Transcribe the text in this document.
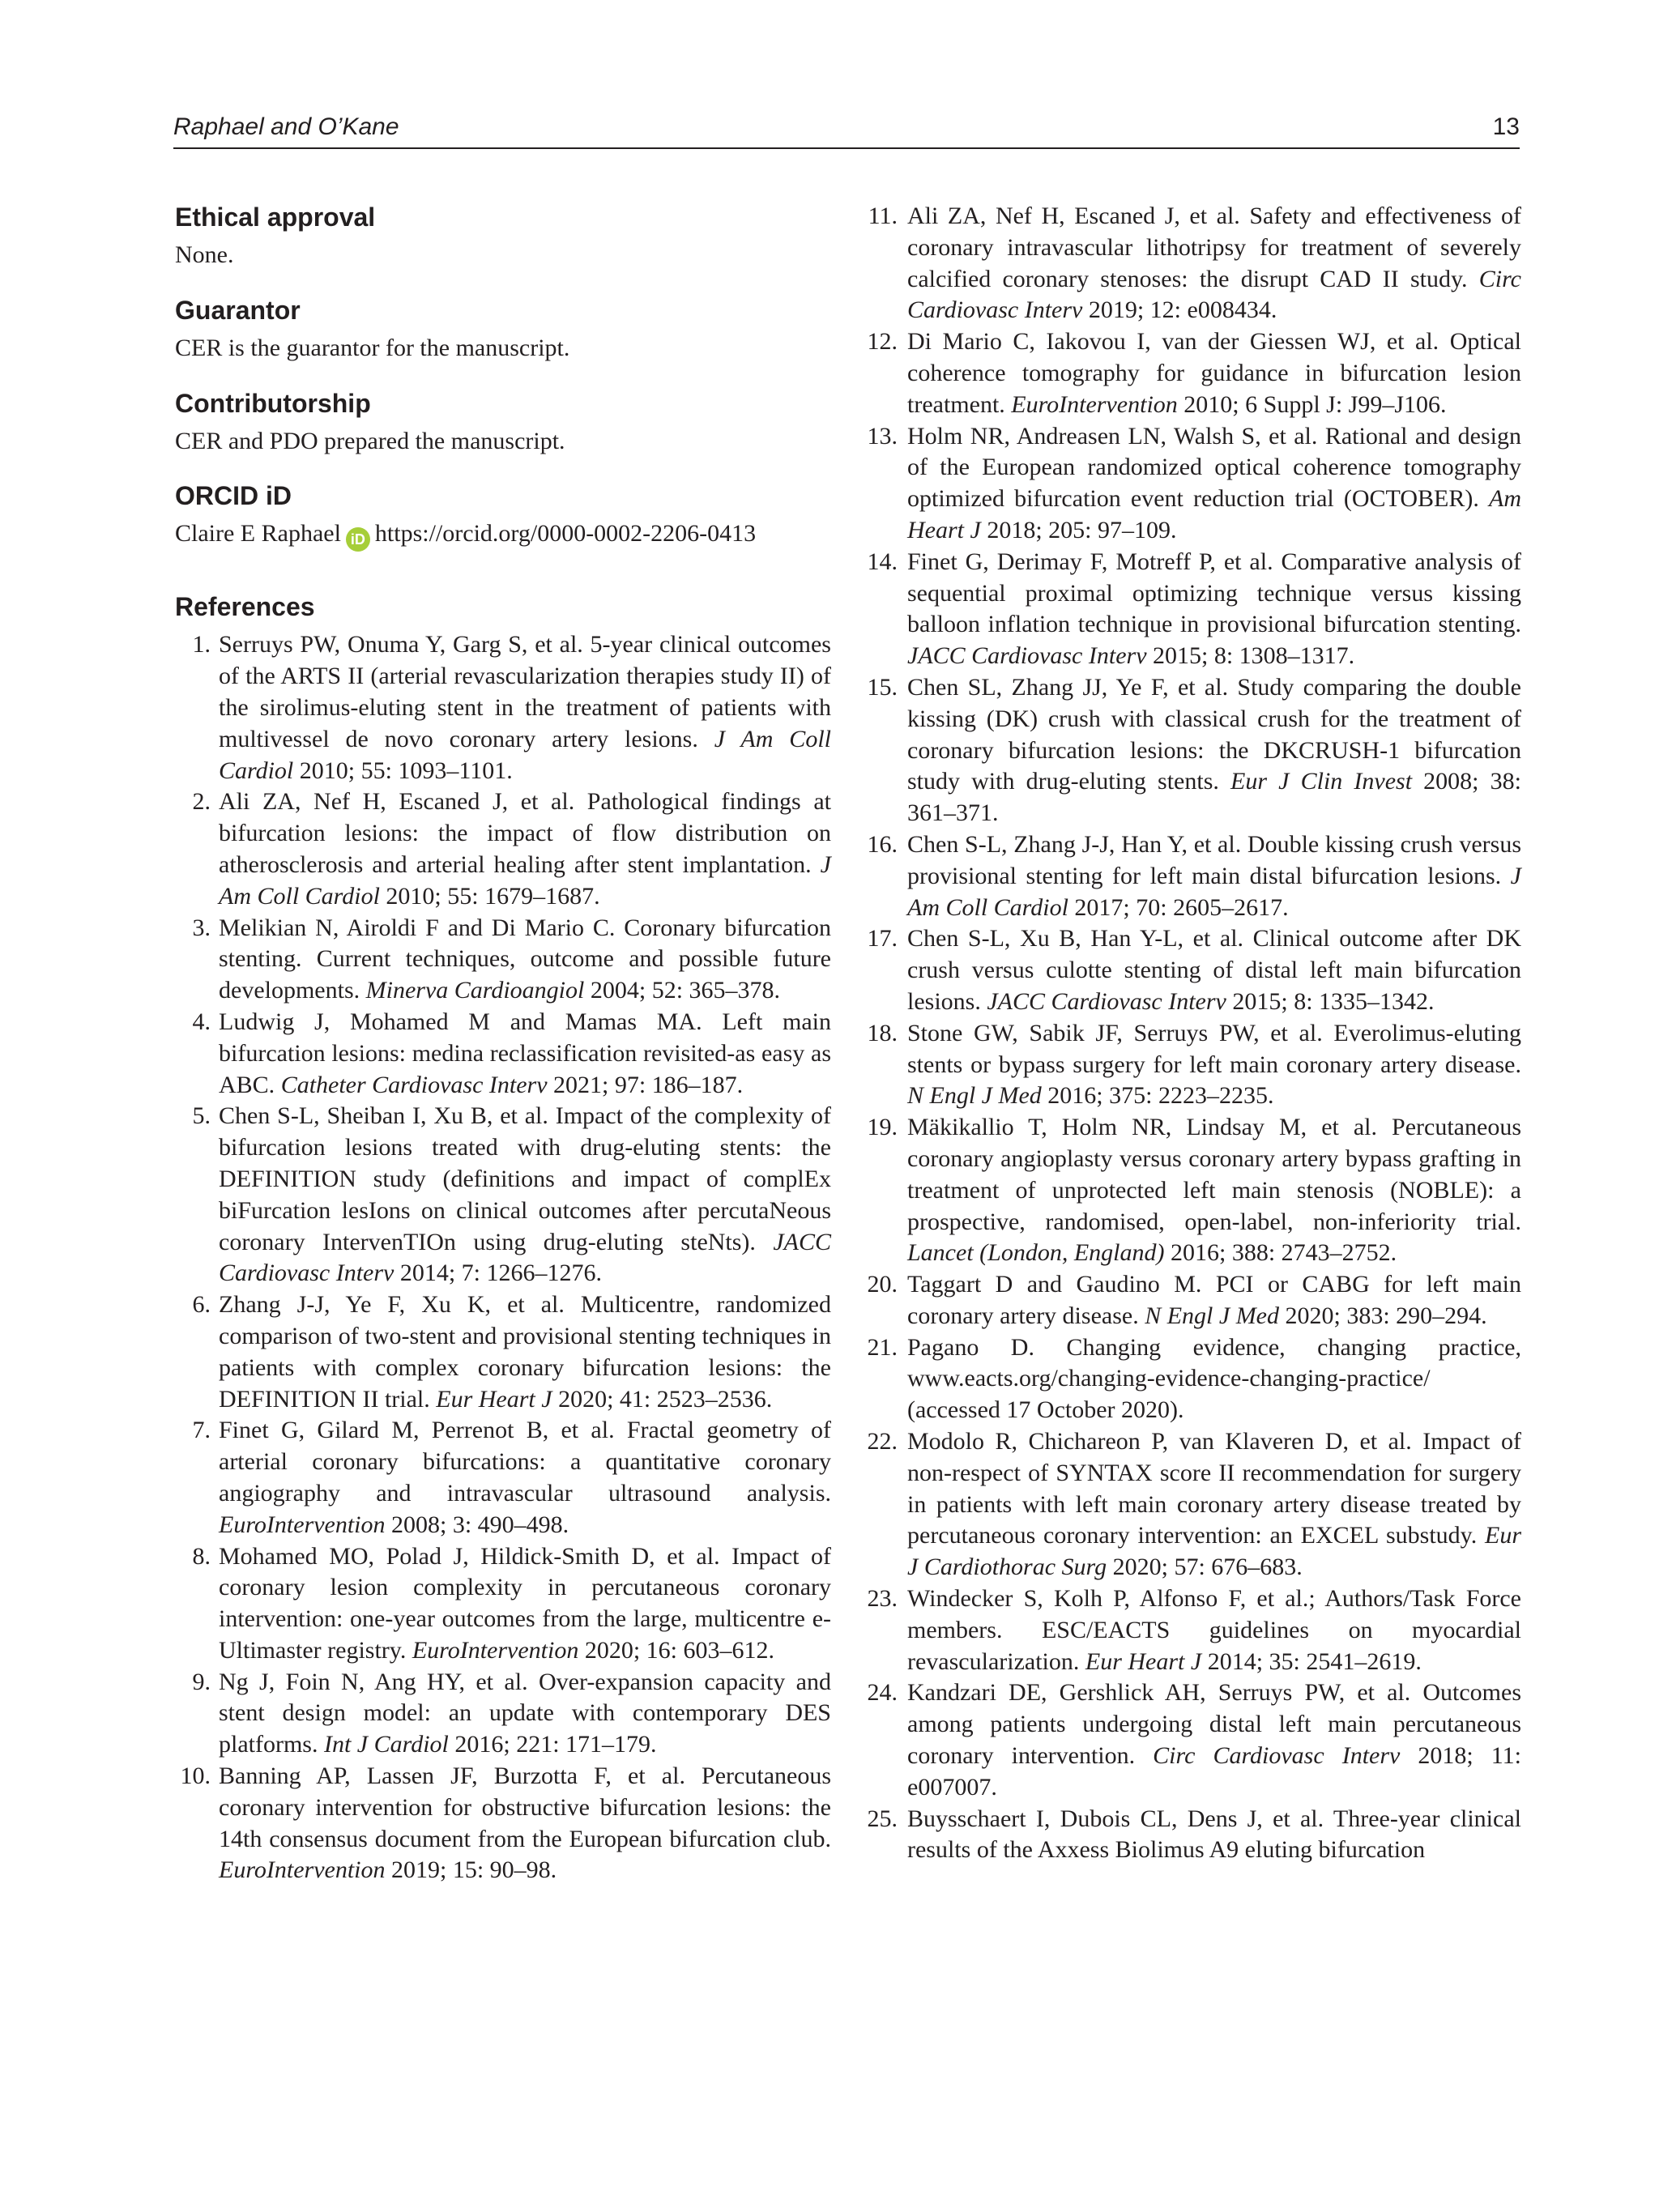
Raphael and O’Kane	13
Ethical approval

None.

Guarantor

CER is the guarantor for the manuscript.

Contributorship

CER and PDO prepared the manuscript.

ORCID iD

Claire E Raphael iD https://orcid.org/0000-0002-2206-0413

References
1. Serruys PW, Onuma Y, Garg S, et al. 5-year clinical outcomes of the ARTS II (arterial revascularization therapies study II) of the sirolimus-eluting stent in the treatment of patients with multivessel de novo coronary artery lesions. J Am Coll Cardiol 2010; 55: 1093–1101.
2. Ali ZA, Nef H, Escaned J, et al. Pathological findings at bifurcation lesions: the impact of flow distribution on atherosclerosis and arterial healing after stent implantation. J Am Coll Cardiol 2010; 55: 1679–1687.
3. Melikian N, Airoldi F and Di Mario C. Coronary bifurcation stenting. Current techniques, outcome and possible future developments. Minerva Cardioangiol 2004; 52: 365–378.
4. Ludwig J, Mohamed M and Mamas MA. Left main bifurcation lesions: medina reclassification revisited-as easy as ABC. Catheter Cardiovasc Interv 2021; 97: 186–187.
5. Chen S-L, Sheiban I, Xu B, et al. Impact of the complexity of bifurcation lesions treated with drug-eluting stents: the DEFINITION study (definitions and impact of complEx biFurcation lesIons on clinical outcomes after percutaNeous coronary IntervenTIOn using drug-eluting steNts). JACC Cardiovasc Interv 2014; 7: 1266–1276.
6. Zhang J-J, Ye F, Xu K, et al. Multicentre, randomized comparison of two-stent and provisional stenting techniques in patients with complex coronary bifurcation lesions: the DEFINITION II trial. Eur Heart J 2020; 41: 2523–2536.
7. Finet G, Gilard M, Perrenot B, et al. Fractal geometry of arterial coronary bifurcations: a quantitative coronary angiography and intravascular ultrasound analysis. EuroIntervention 2008; 3: 490–498.
8. Mohamed MO, Polad J, Hildick-Smith D, et al. Impact of coronary lesion complexity in percutaneous coronary intervention: one-year outcomes from the large, multicentre e-Ultimaster registry. EuroIntervention 2020; 16: 603–612.
9. Ng J, Foin N, Ang HY, et al. Over-expansion capacity and stent design model: an update with contemporary DES platforms. Int J Cardiol 2016; 221: 171–179.
10. Banning AP, Lassen JF, Burzotta F, et al. Percutaneous coronary intervention for obstructive bifurcation lesions: the 14th consensus document from the European bifurcation club. EuroIntervention 2019; 15: 90–98.
11. Ali ZA, Nef H, Escaned J, et al. Safety and effectiveness of coronary intravascular lithotripsy for treatment of severely calcified coronary stenoses: the disrupt CAD II study. Circ Cardiovasc Interv 2019; 12: e008434.
12. Di Mario C, Iakovou I, van der Giessen WJ, et al. Optical coherence tomography for guidance in bifurcation lesion treatment. EuroIntervention 2010; 6 Suppl J: J99–J106.
13. Holm NR, Andreasen LN, Walsh S, et al. Rational and design of the European randomized optical coherence tomography optimized bifurcation event reduction trial (OCTOBER). Am Heart J 2018; 205: 97–109.
14. Finet G, Derimay F, Motreff P, et al. Comparative analysis of sequential proximal optimizing technique versus kissing balloon inflation technique in provisional bifurcation stenting. JACC Cardiovasc Interv 2015; 8: 1308–1317.
15. Chen SL, Zhang JJ, Ye F, et al. Study comparing the double kissing (DK) crush with classical crush for the treatment of coronary bifurcation lesions: the DKCRUSH-1 bifurcation study with drug-eluting stents. Eur J Clin Invest 2008; 38: 361–371.
16. Chen S-L, Zhang J-J, Han Y, et al. Double kissing crush versus provisional stenting for left main distal bifurcation lesions. J Am Coll Cardiol 2017; 70: 2605–2617.
17. Chen S-L, Xu B, Han Y-L, et al. Clinical outcome after DK crush versus culotte stenting of distal left main bifurcation lesions. JACC Cardiovasc Interv 2015; 8: 1335–1342.
18. Stone GW, Sabik JF, Serruys PW, et al. Everolimus-eluting stents or bypass surgery for left main coronary artery disease. N Engl J Med 2016; 375: 2223–2235.
19. Mäkikallio T, Holm NR, Lindsay M, et al. Percutaneous coronary angioplasty versus coronary artery bypass grafting in treatment of unprotected left main stenosis (NOBLE): a prospective, randomised, open-label, non-inferiority trial. Lancet (London, England) 2016; 388: 2743–2752.
20. Taggart D and Gaudino M. PCI or CABG for left main coronary artery disease. N Engl J Med 2020; 383: 290–294.
21. Pagano D. Changing evidence, changing practice, www.eacts.org/changing-evidence-changing-practice/ (accessed 17 October 2020).
22. Modolo R, Chichareon P, van Klaveren D, et al. Impact of non-respect of SYNTAX score II recommendation for surgery in patients with left main coronary artery disease treated by percutaneous coronary intervention: an EXCEL substudy. Eur J Cardiothorac Surg 2020; 57: 676–683.
23. Windecker S, Kolh P, Alfonso F, et al.; Authors/Task Force members. ESC/EACTS guidelines on myocardial revascularization. Eur Heart J 2014; 35: 2541–2619.
24. Kandzari DE, Gershlick AH, Serruys PW, et al. Outcomes among patients undergoing distal left main percutaneous coronary intervention. Circ Cardiovasc Interv 2018; 11: e007007.
25. Buysschaert I, Dubois CL, Dens J, et al. Three-year clinical results of the Axxess Biolimus A9 eluting bifurcation
